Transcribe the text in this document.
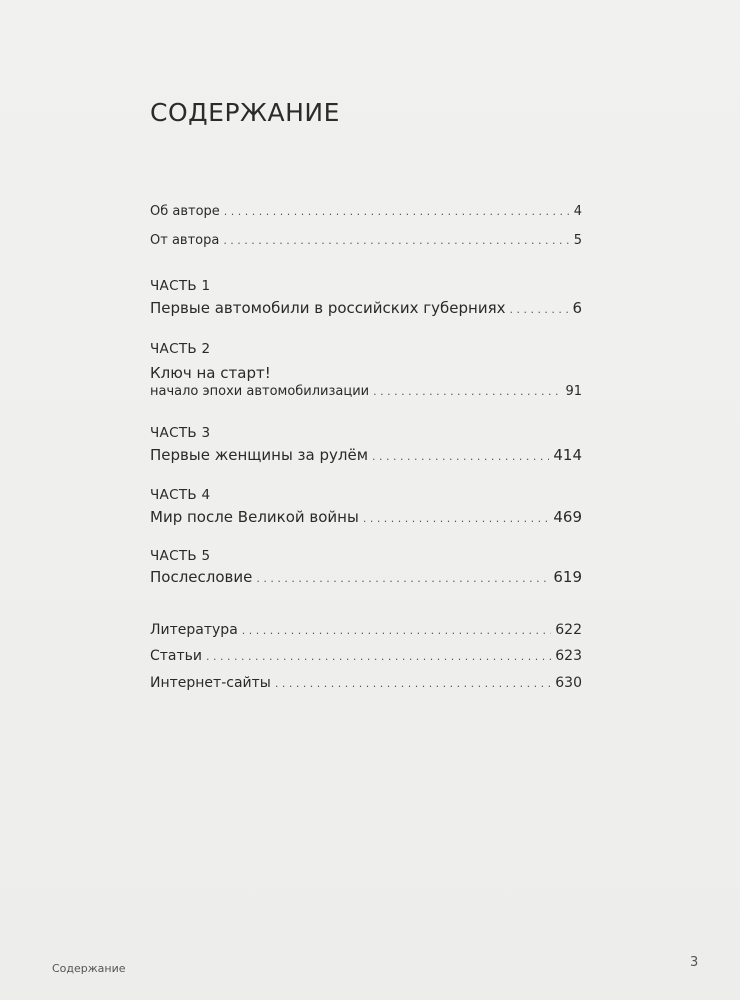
СОДЕРЖАНИЕ
Об авторе . . .	4
От автора . . .	5
ЧАСТЬ 1
Первые автомобили в российских губерниях . . .	6
ЧАСТЬ 2
Ключ на старт!
начало эпохи автомобилизации . . .	91
ЧАСТЬ 3
Первые женщины за рулём . . .	414
ЧАСТЬ 4
Мир после Великой войны . . .	469
ЧАСТЬ 5
Послесловие . . .	619
Литература . . .	622
Статьи . . .	623
Интернет-сайты . . .	630
Содержание	3
